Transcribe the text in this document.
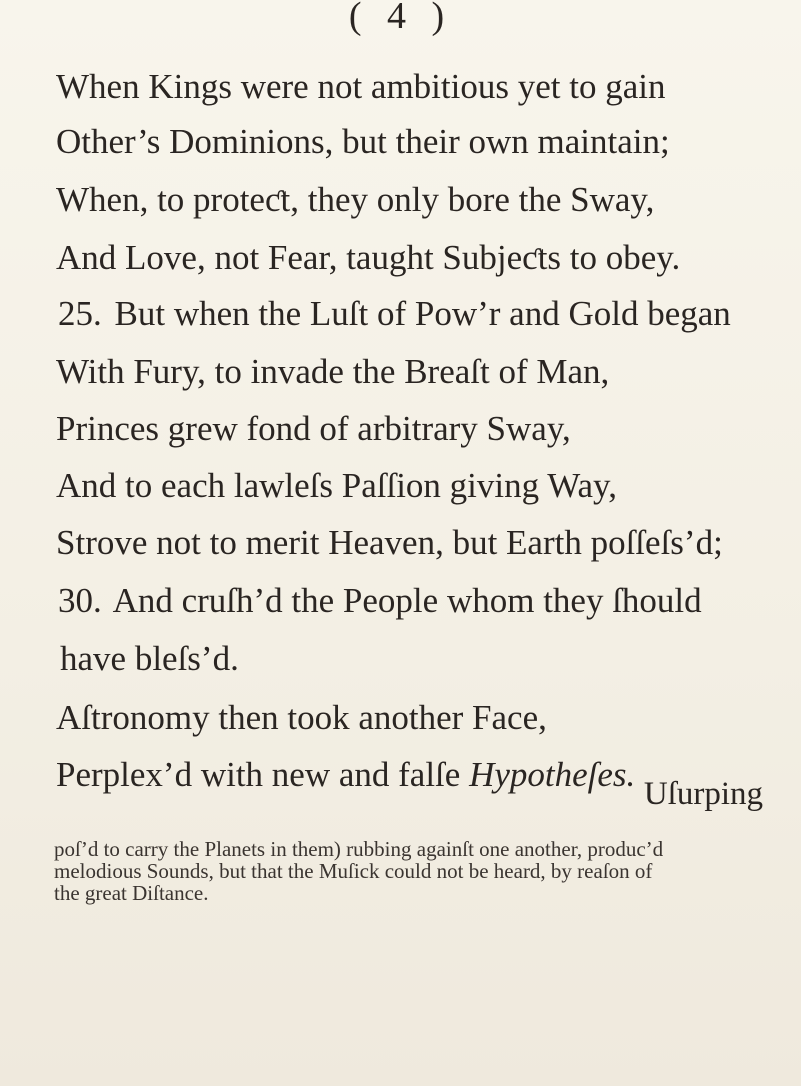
( 4 )
When Kings were not ambitious yet to gain
Other’s Dominions, but their own maintain;
When, to proteƈt, they only bore the Sway,
And Love, not Fear, taught Subjeƈts to obey.
25. But when the Luſt of Pow’r and Gold began
With Fury, to invade the Breaſt of Man,
Princes grew fond of arbitrary Sway,
And to each lawleſs Paſſion giving Way,
Strove not to merit Heaven, but Earth poſſeſs’d;
30. And cruſh’d the People whom they ſhould
have bleſs’d.
Aſtronomy then took another Face,
Perplex’d with new and falſe Hypotheſes. Uſurping
poſ’d to carry the Planets in them) rubbing againſt one another, produc’d
melodious Sounds, but that the Muſick could not be heard, by reaſon of
the great Diſtance.
